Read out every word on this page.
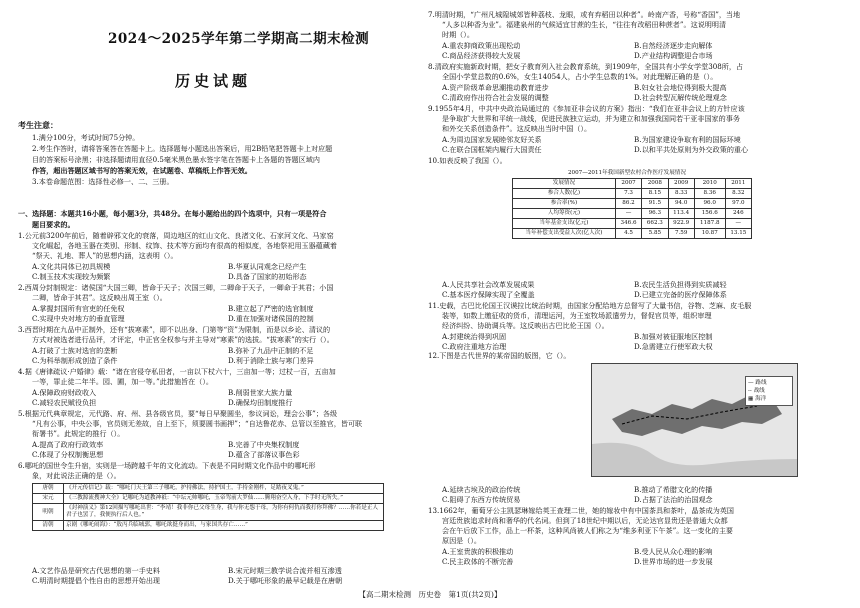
2024～2025学年第二学期高二期末检测
历史试题
考生注意：
1.满分100分，考试时间75分钟。
2.考生作答时，请将答案答在答题卡上。选择题每小题选出答案后，用2B铅笔把答题卡上对应题
目的答案标号涂黑；非选择题请用直径0.5毫米黑色墨水签字笔在答题卡上各题的答题区域内
作答，超出答题区域书写的答案无效，在试题卷、草稿纸上作答无效。
3.本卷命题范围：选择性必修一、二、三册。
一、选择题：本题共16小题，每小题3分，共48分。在每小题给出的四个选项中，只有一项是符合
题目要求的。
1.公元前3200年前后，随着辟邪文化的衰落，周边地区的红山文化、良渚文化、石家河文化、马家窑
文化崛起，各地玉器在类别、形制、纹饰、技术等方面均有很高的相似度，各地祭祀用玉器蕴藏着
“祭天、礼地、葬人”的思想内涵，这表明（）。
A.文化共同体已初具规模	B.华夏认同观念已经产生
C.制玉技术实现较为频繁	D.具备了国家的初始形态
2.西周分封制规定：诸侯国“大国三卿，皆命于天子；次国三卿，二卿命于天子，一卿命于其君；小国
二卿，皆命于其君”。这反映出周王室（）。
A.掌握封国所有官吏的任免权	B.建立起了严密的选官制度
C.实现中央对地方的垂直管理	D.重在加强对诸侯国的控制
3.西晋时期在九品中正制外，还有“拔寒素”，即不以出身、门第等“资”为限制，而是以乡论、清议的
方式对被选者进行品评，才评定，中正官全权参与并主导对“寒素”的选拔。“拔寒素”的实行（）。
A.打破了士族对选官的垄断	B.弥补了九品中正制的不足
C.为科举制形成创造了条件	D.利于消除士族与寒门差异
4.据《唐律疏议·户婚律》载：“诸在官侵夺私田者，一亩以下杖六十，三亩加一等；过杖一百，五亩加
一等，罪止徒二年半。园、圃，加一等。”此措施旨在（）。
A.保障政府财政收入	B.削弱世家大族力量
C.减轻农民赋役负担	D.确保均田制度推行
5.根据元代典章规定，元代路、府、州、县各级官员，要“每日早聚圆坐，参议词讼，理会公事”；各级
“凡有公事，中央公事，官员则无差故，自上至下，须要圆书画押”；“自达鲁花赤、总管以至推官，皆可联
衔署书”。此规定的推行（）。
A.提高了政府行政效率	B.完善了中央集权制度
C.体现了分权制衡思想	D.蕴含了部落议事色彩
6.哪吒的国世令生升宿，实则是一场跨越千年的文化流动。下表是不同时期文化作品中的哪吒形
象，对此说法正确的是（）。
唐朝	《开元传信记》载：“哪吒门天王第三子哪吒，护持佛法，持护国土，手持金刚杵，足踏夜叉鬼。”
宋元	《三教源流搜神大全》记哪吒为道教神祇：“中坛元帅哪吒，玉帝驾前大罗仙……腾翔奋空入身，下手时无所失。”
明朝	《封神演义》第12回描写哪吒出世：“李靖！我非你已父母生身，我与你无怨于母，为你有何仇而我打你拜佛？……你若是正人君子也罢了，我便执行后人也。”
清朝	京剧《哪吒闹海》：“敖丙兵临城郭，哪吒欲挺身而出，与家国共存亡……”
A.文艺作品是研究古代思想的第一手史料	B.宋元时期三教学说合流并相互渗透
C.明清时期提倡个性自由的思想开始出现	D.关于哪吒形象的最早记载是在唐朝
7.明清时期，“广州凡城隍城郊皆种荔枝、龙眼，或有弃稻田以种者”。岭南产香，号称“香国”，当地
“人多以种香为业”。福建泉州的气候适宜甘蔗的生长，“往往有改稻田种蔗者”。这说明明清
时期（）。
A.重农抑商政策出现松动	B.自然经济逐步走向解体
C.商品经济获得较大发展	D.产业结构调整迎合市场
8.清政府实施新政时期，把女子教育列入社会教育系统，到1909年，全国共有小学女学堂308所，占
全国小学堂总数的0.6%，女生14054人，占小学生总数的1%。对此理解正确的是（）。
A.资产阶级革命思潮推动教育进步	B.妇女社会地位得到极大提高
C.清政府作出符合社会发展的调整	D.社会转型瓦解传统伦理观念
9.1955年4月，中共中央政治局通过的《参加亚非会议的方案》指出：“我们在亚非会议上的方针应该
是争取扩大世界和平统一战线，促进民族独立运动，并为建立和加强我国同若干亚非国家的事务
和外交关系创造条件”。这反映出当时中国（）。
A.为周边国家发展睦邻友好关系	B.为国家建设争取有利的国际环境
C.在联合国框架内履行大国责任	D.以和平共处原则为外交政策的重心
10.如表反映了我国（）。
2007—2011年我国新型农村合作医疗发展情况
发展情况	2007	2008	2009	2010	2011
参合人数(亿)	7.3	8.15	8.33	8.36	8.32
参合率(%)	86.2	91.5	94.0	96.0	97.0
人均筹资(元)	—	96.3	113.4	156.6	246
当年基金支出(亿元)	346.6	662.3	922.9	1187.8	—
当年补偿支出受益人次(亿人次)	4.5	5.85	7.59	10.87	13.15
A.人民共享社会改革发展成果	B.农民生活负担得到实质减轻
C.基本医疗保障实现了全覆盖	D.已建立完备的医疗保障体系
11.史载，古巴比伦国王汉谟拉比统治时期，由国家分配给地方总督写了大量书信，谷物、芝麻、皮毛服
装等，如数上缴征收的货币，清理运河，为王室牧场派遣劳力，督促官员等，组织审理
经济纠纷、协助调兵等。这反映出古巴比伦王国（）。
A.封建统治得到巩固	B.加强对被征服地区控制
C.政府注重地方治理	D.急需建立行使军政大权
12.下图是古代世界的某帝国的版图，它（）。
— 路线
‐‐ 战线
▦ 海洋
A.延续古埃及的政治传统	B.推动了希腊文化的传播
C.阻碍了东西方传统贸易	D.占据了法治的治国观念
13.1662年，葡萄牙公主凯瑟琳嫁给英王查理二世，她的嫁妆中有中国茶具和茶叶，晶茶成为英国
宫廷贵族追求时尚和奢华的代名词。但到了18世纪中期以后，无论达官显贵还是普通大众都
会在午后放下工作，品上一杯茶，这种风尚被人们称之为“维多利亚下午茶”。这一变化的主要
原因是（）。
A.王室贵族的积极推动	B.受人民从众心理的影响
C.民主政体的不断完善	D.世界市场的进一步发展
【高二期末检测　历史卷　第1页(共2页)】
